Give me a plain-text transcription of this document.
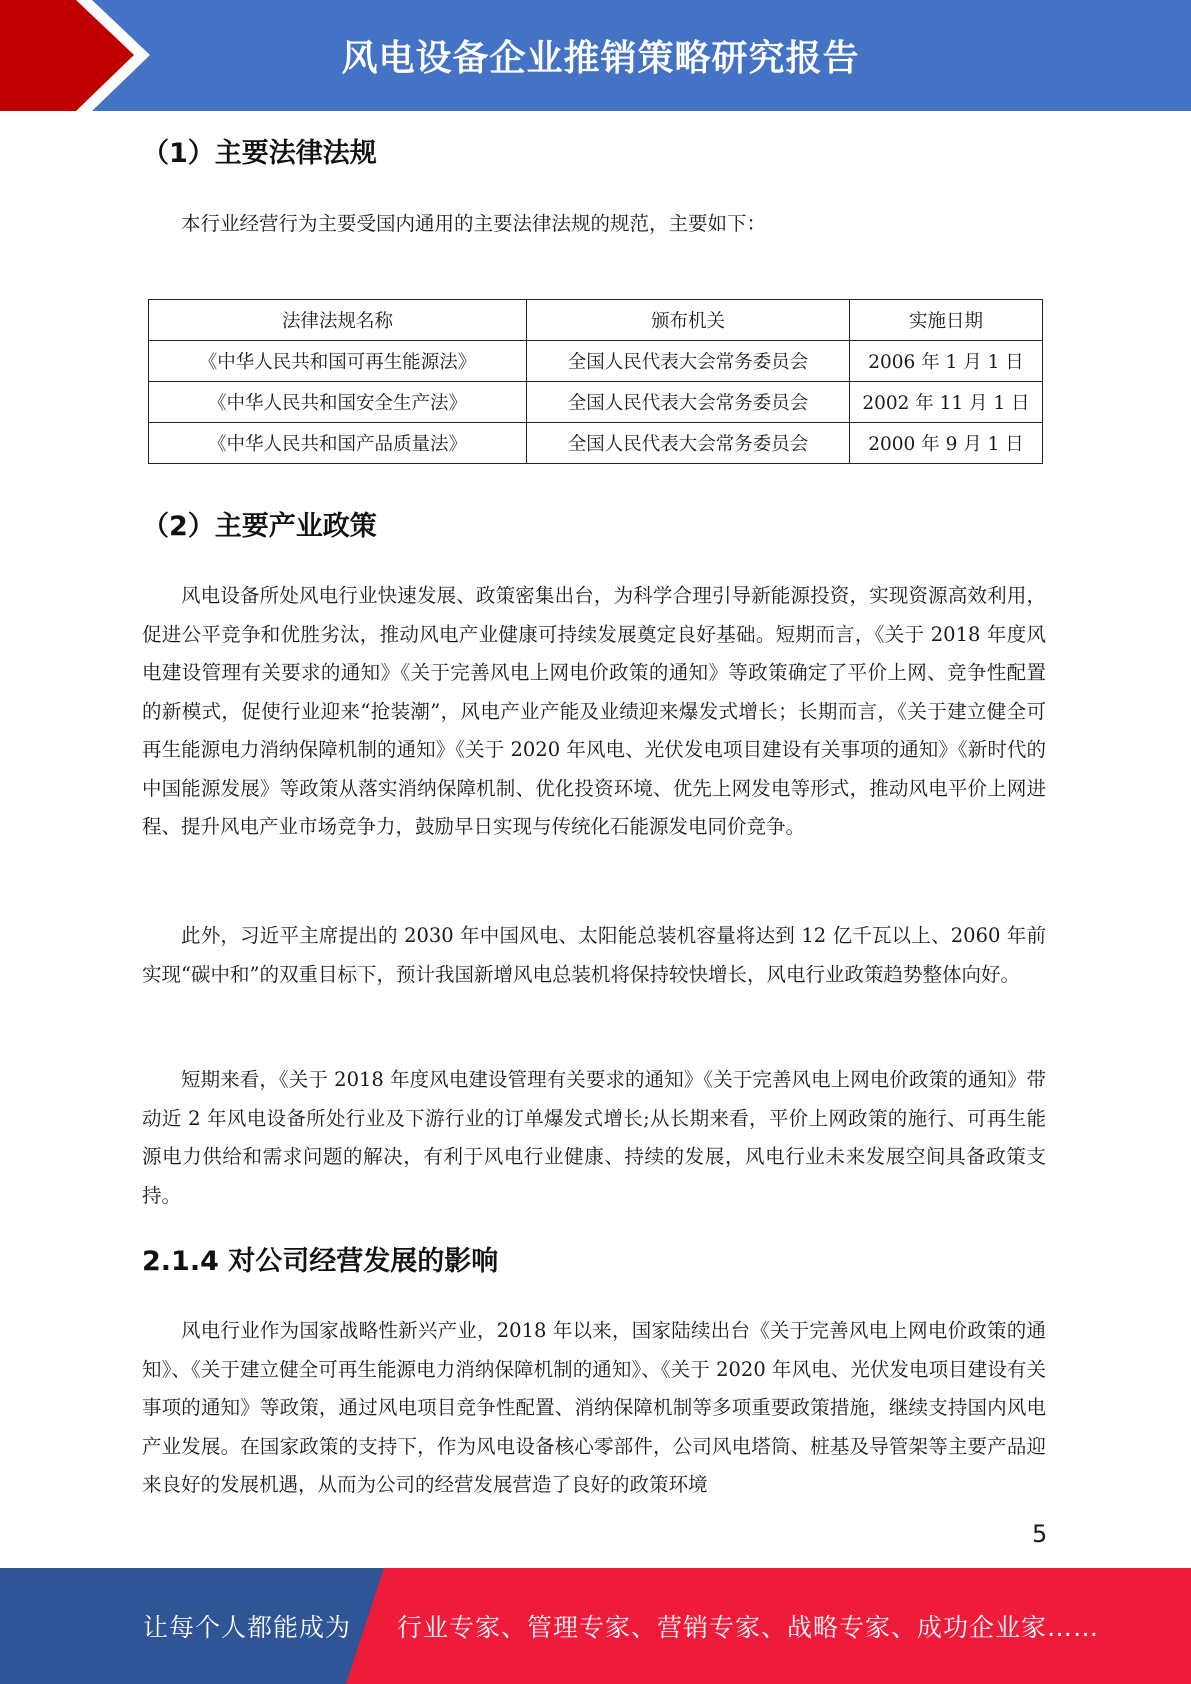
风电设备企业推销策略研究报告
（1）主要法律法规

本行业经营行为主要受国内通用的主要法律法规的规范，主要如下：

法律法规名称	颁布机关	实施日期
《中华人民共和国可再生能源法》	全国人民代表大会常务委员会	2006 年 1 月 1 日
《中华人民共和国安全生产法》	全国人民代表大会常务委员会	2002 年 11 月 1 日
《中华人民共和国产品质量法》	全国人民代表大会常务委员会	2000 年 9 月 1 日
（2）主要产业政策

风电设备所处风电行业快速发展、政策密集出台，为科学合理引导新能源投资，实现资源高效利用，促进公平竞争和优胜劣汰，推动风电产业健康可持续发展奠定良好基础。短期而言，《关于 2018 年度风电建设管理有关要求的通知》《关于完善风电上网电价政策的通知》等政策确定了平价上网、竞争性配置的新模式，促使行业迎来“抢装潮”，风电产业产能及业绩迎来爆发式增长；长期而言，《关于建立健全可再生能源电力消纳保障机制的通知》《关于 2020 年风电、光伏发电项目建设有关事项的通知》《新时代的中国能源发展》等政策从落实消纳保障机制、优化投资环境、优先上网发电等形式，推动风电平价上网进程、提升风电产业市场竞争力，鼓励早日实现与传统化石能源发电同价竞争。

此外，习近平主席提出的 2030 年中国风电、太阳能总装机容量将达到 12 亿千瓦以上、2060 年前实现“碳中和”的双重目标下，预计我国新增风电总装机将保持较快增长，风电行业政策趋势整体向好。

短期来看，《关于 2018 年度风电建设管理有关要求的通知》《关于完善风电上网电价政策的通知》带动近 2 年风电设备所处行业及下游行业的订单爆发式增长;从长期来看，平价上网政策的施行、可再生能源电力供给和需求问题的解决，有利于风电行业健康、持续的发展，风电行业未来发展空间具备政策支持。

2.1.4 对公司经营发展的影响

风电行业作为国家战略性新兴产业，2018 年以来，国家陆续出台《关于完善风电上网电价政策的通知》、《关于建立健全可再生能源电力消纳保障机制的通知》、《关于 2020 年风电、光伏发电项目建设有关事项的通知》等政策，通过风电项目竞争性配置、消纳保障机制等多项重要政策措施，继续支持国内风电产业发展。在国家政策的支持下，作为风电设备核心零部件，公司风电塔筒、桩基及导管架等主要产品迎来良好的发展机遇，从而为公司的经营发展营造了良好的政策环境

5
让每个人都能成为 行业专家、管理专家、营销专家、战略专家、成功企业家……
